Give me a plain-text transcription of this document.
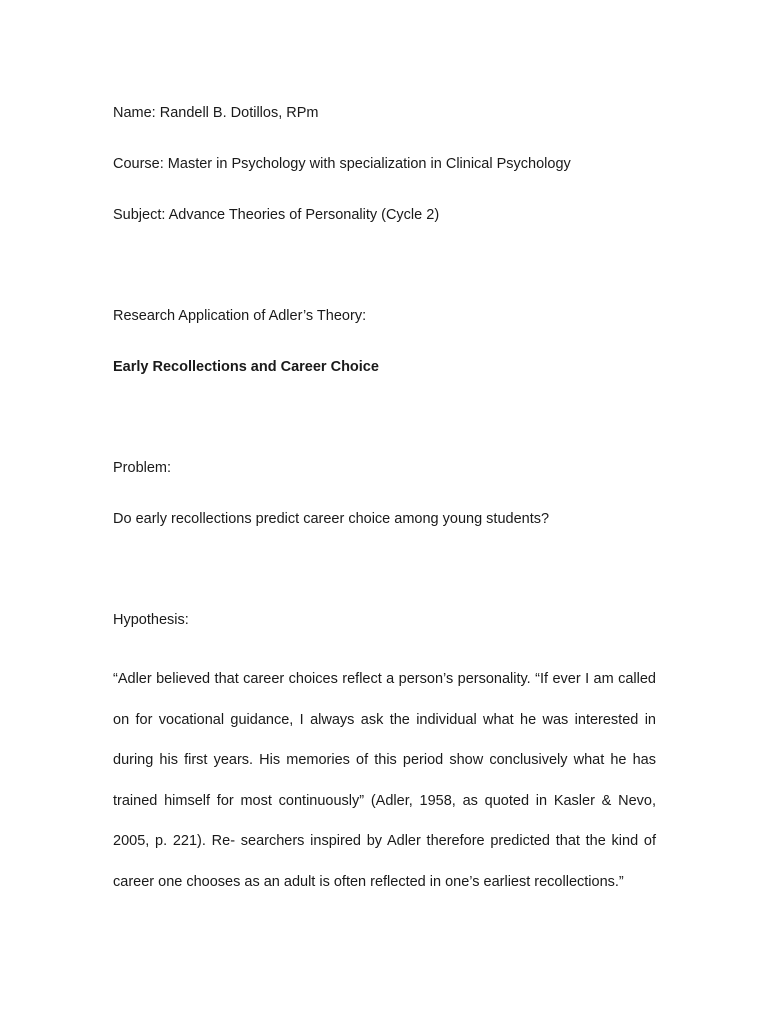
Name: Randell B. Dotillos, RPm
Course: Master in Psychology with specialization in Clinical Psychology
Subject: Advance Theories of Personality (Cycle 2)
Research Application of Adler’s Theory:
Early Recollections and Career Choice
Problem:
Do early recollections predict career choice among young students?
Hypothesis:

“Adler believed that career choices reflect a person’s personality. “If ever I am called on for vocational guidance, I always ask the individual what he was interested in during his first years. His memories of this period show conclusively what he has trained himself for most continuously” (Adler, 1958, as quoted in Kasler & Nevo, 2005, p. 221). Re- searchers inspired by Adler therefore predicted that the kind of career one chooses as an adult is often reflected in one’s earliest recollections.”
